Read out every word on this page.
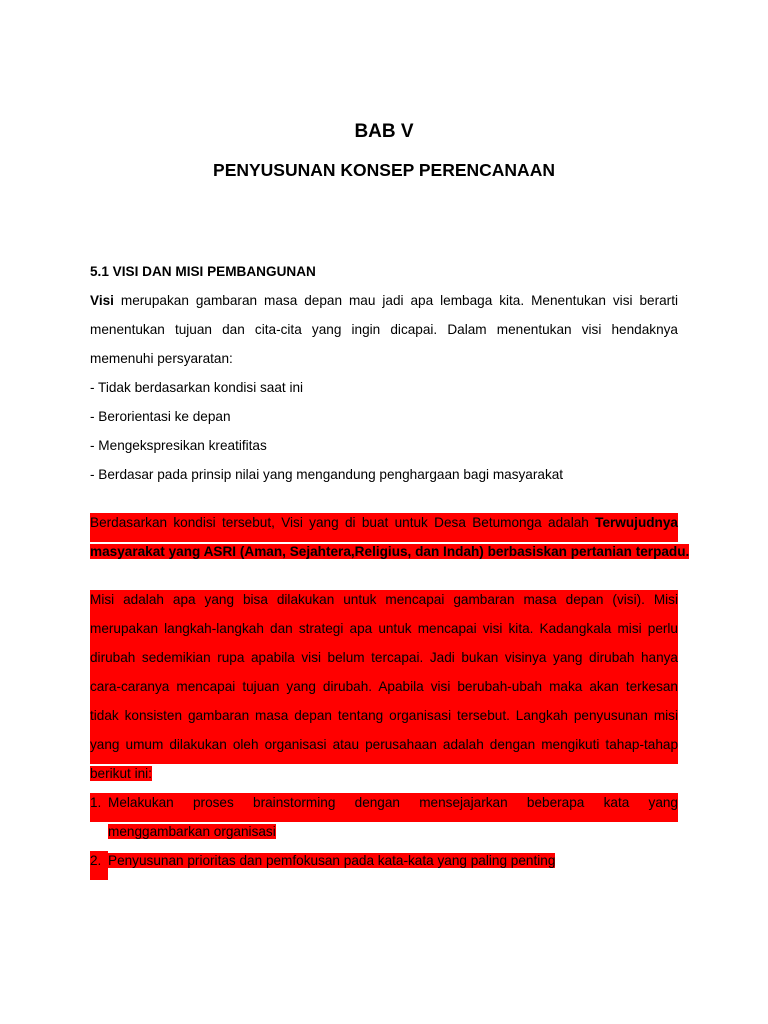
BAB V
PENYUSUNAN KONSEP PERENCANAAN
5.1 VISI DAN MISI PEMBANGUNAN
Visi merupakan gambaran masa depan mau jadi apa lembaga kita. Menentukan visi berarti
menentukan tujuan dan cita-cita yang ingin dicapai. Dalam menentukan visi hendaknya
memenuhi persyaratan:
- Tidak berdasarkan kondisi saat ini
- Berorientasi ke depan
- Mengekspresikan kreatifitas
- Berdasar pada prinsip nilai yang mengandung penghargaan bagi masyarakat
Berdasarkan kondisi tersebut, Visi yang di buat untuk Desa Betumonga adalah Terwujudnya
masyarakat yang ASRI (Aman, Sejahtera,Religius, dan Indah) berbasiskan pertanian terpadu.
Misi adalah apa yang bisa dilakukan untuk mencapai gambaran masa depan (visi). Misi
merupakan langkah-langkah dan strategi apa untuk mencapai visi kita. Kadangkala misi perlu
dirubah sedemikian rupa apabila visi belum tercapai. Jadi bukan visinya yang dirubah hanya
cara-caranya mencapai tujuan yang dirubah. Apabila visi berubah-ubah maka akan terkesan
tidak konsisten gambaran masa depan tentang organisasi tersebut. Langkah penyusunan misi
yang umum dilakukan oleh organisasi atau perusahaan adalah dengan mengikuti tahap-tahap
berikut ini:
1. Melakukan proses brainstorming dengan mensejajarkan beberapa kata yang
menggambarkan organisasi
2. Penyusunan prioritas dan pemfokusan pada kata-kata yang paling penting
